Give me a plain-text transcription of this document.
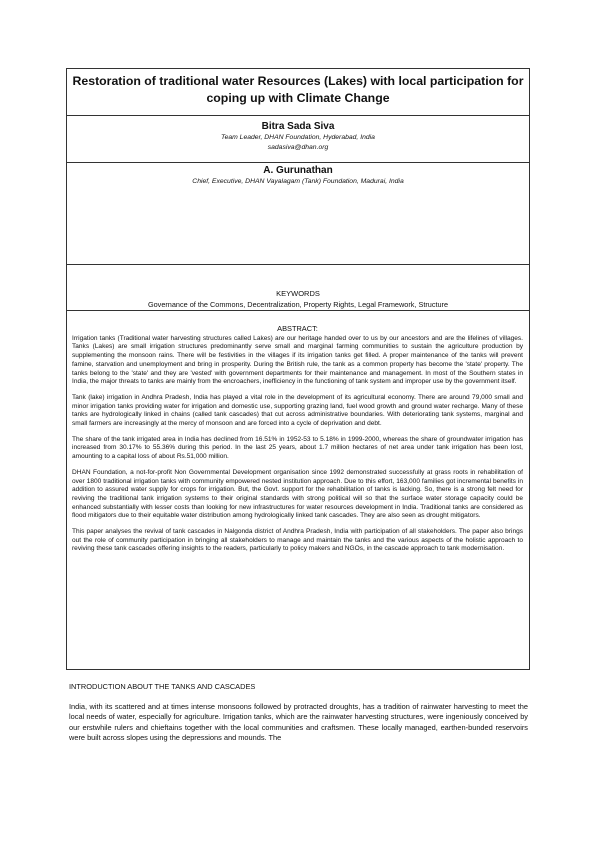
Restoration of traditional water Resources (Lakes) with local participation for coping up with Climate Change
Bitra Sada Siva
Team Leader, DHAN Foundation, Hyderabad, India
sadasiva@dhan.org
A. Gurunathan
Chief, Executive, DHAN Vayalagam (Tank) Foundation, Madurai, India
KEYWORDS
Governance of the Commons, Decentralization, Property Rights, Legal Framework, Structure
ABSTRACT:

Irrigation tanks (Traditional water harvesting structures called Lakes) are our heritage handed over to us by our ancestors and are the lifelines of villages. Tanks (Lakes) are small irrigation structures predominantly serve small and marginal farming communities to sustain the agriculture production by supplementing the monsoon rains. There will be festivities in the villages if its irrigation tanks get filled. A proper maintenance of the tanks will prevent famine, starvation and unemployment and bring in prosperity. During the British rule, the tank as a common property has become the 'state' property. The tanks belong to the 'state' and they are 'vested' with government departments for their maintenance and management. In most of the Southern states in India, the major threats to tanks are mainly from the encroachers, inefficiency in the functioning of tank system and improper use by the government itself.

Tank (lake) irrigation in Andhra Pradesh, India has played a vital role in the development of its agricultural economy. There are around 79,000 small and minor irrigation tanks providing water for irrigation and domestic use, supporting grazing land, fuel wood growth and ground water recharge. Many of these tanks are hydrologically linked in chains (called tank cascades) that cut across administrative boundaries. With deteriorating tank systems, marginal and small farmers are increasingly at the mercy of monsoon and are forced into a cycle of deprivation and debt.

The share of the tank irrigated area in India has declined from 16.51% in 1952-53 to 5.18% in 1999-2000, whereas the share of groundwater irrigation has increased from 30.17% to 55.36% during this period. In the last 25 years, about 1.7 million hectares of net area under tank irrigation has been lost, amounting to a capital loss of about Rs.51,000 million.

DHAN Foundation, a not-for-profit Non Governmental Development organisation since 1992 demonstrated successfully at grass roots in rehabilitation of over 1800 traditional irrigation tanks with community empowered nested institution approach. Due to this effort, 163,000 families got incremental benefits in addition to assured water supply for crops for irrigation. But, the Govt. support for the rehabilitation of tanks is lacking. So, there is a strong felt need for reviving the traditional tank irrigation systems to their original standards with strong political will so that the surface water storage capacity could be enhanced substantially with lesser costs than looking for new infrastructures for water resources development in India. Traditional tanks are considered as flood mitigators due to their equitable water distribution among hydrologically linked tank cascades. They are also seen as drought mitigators.

This paper analyses the revival of tank cascades in Nalgonda district of Andhra Pradesh, India with participation of all stakeholders. The paper also brings out the role of community participation in bringing all stakeholders to manage and maintain the tanks and the various aspects of the holistic approach to reviving these tank cascades offering insights to the readers, particularly to policy makers and NGOs, in the cascade approach to tank modernisation.

INTRODUCTION ABOUT THE TANKS AND CASCADES

India, with its scattered and at times intense monsoons followed by protracted droughts, has a tradition of rainwater harvesting to meet the local needs of water, especially for agriculture. Irrigation tanks, which are the rainwater harvesting structures, were ingeniously conceived by our erstwhile rulers and chieftains together with the local communities and craftsmen. These locally managed, earthen-bunded reservoirs were built across slopes using the depressions and mounds. The
